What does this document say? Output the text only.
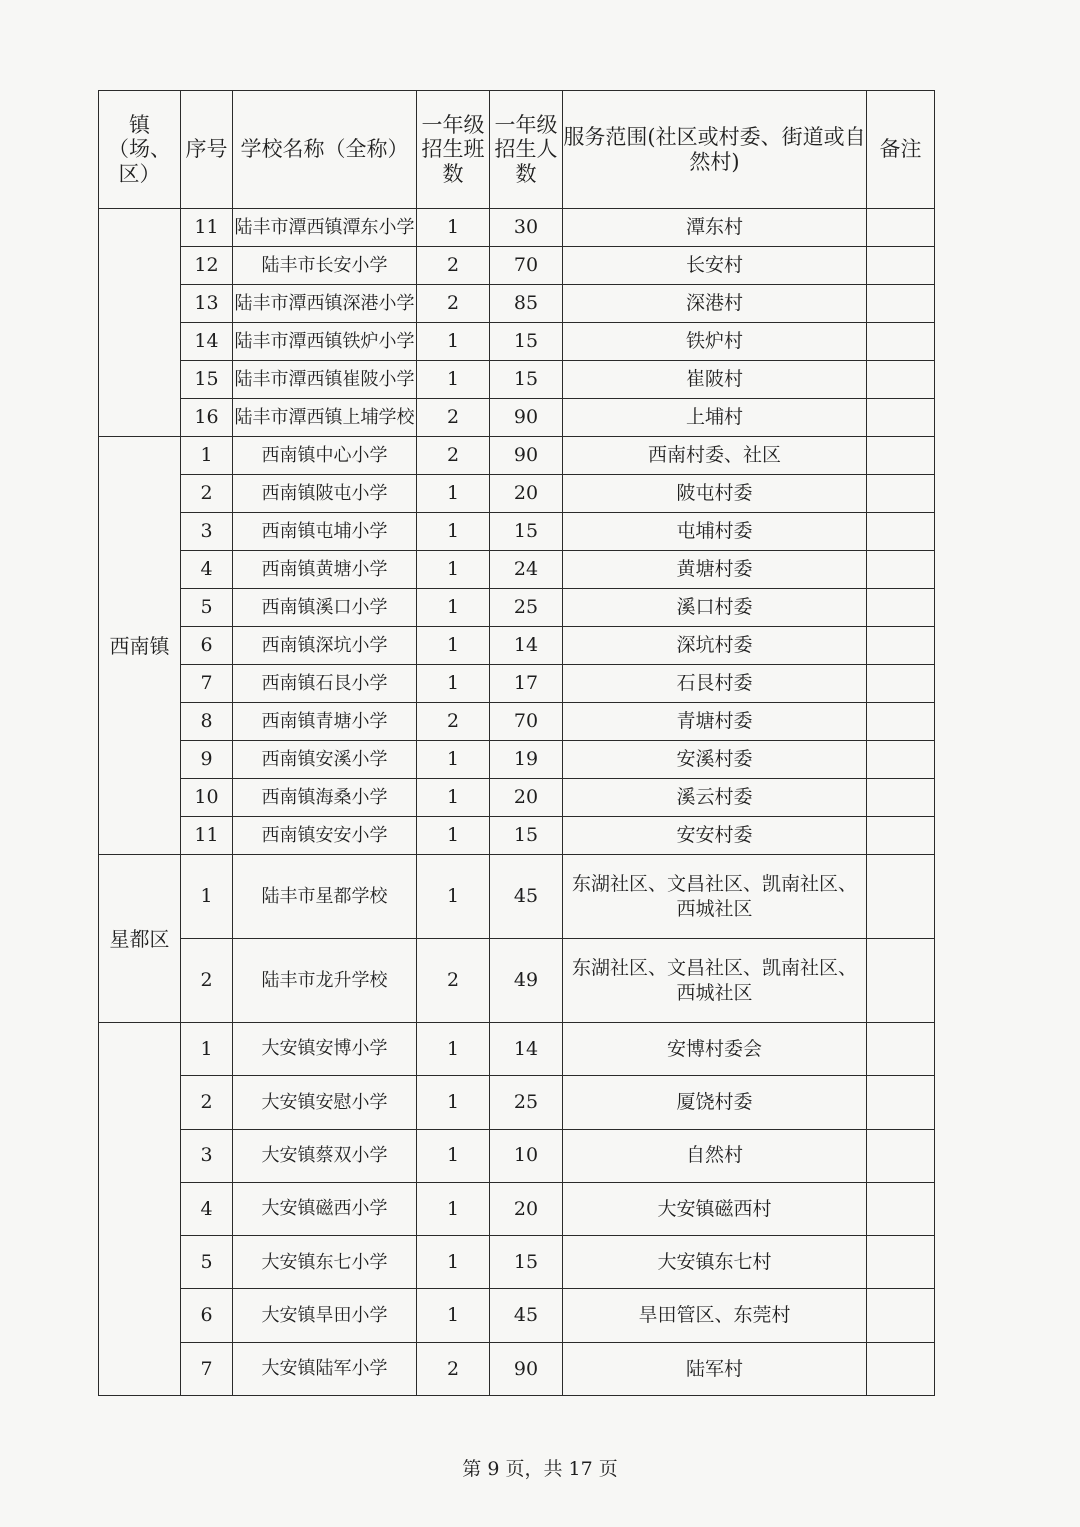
镇（场、区）	序号	学校名称（全称）	一年级招生班数	一年级招生人数	服务范围(社区或村委、街道或自然村)	备注
	11	陆丰市潭西镇潭东小学	1	30	潭东村	
	12	陆丰市长安小学	2	70	长安村	
	13	陆丰市潭西镇深港小学	2	85	深港村	
	14	陆丰市潭西镇铁炉小学	1	15	铁炉村	
	15	陆丰市潭西镇崔陂小学	1	15	崔陂村	
	16	陆丰市潭西镇上埔学校	2	90	上埔村	
西南镇	1	西南镇中心小学	2	90	西南村委、社区	
	2	西南镇陂屯小学	1	20	陂屯村委	
	3	西南镇屯埔小学	1	15	屯埔村委	
	4	西南镇黄塘小学	1	24	黄塘村委	
	5	西南镇溪口小学	1	25	溪口村委	
	6	西南镇深坑小学	1	14	深坑村委	
	7	西南镇石艮小学	1	17	石艮村委	
	8	西南镇青塘小学	2	70	青塘村委	
	9	西南镇安溪小学	1	19	安溪村委	
	10	西南镇海桑小学	1	20	溪云村委	
	11	西南镇安安小学	1	15	安安村委	
星都区	1	陆丰市星都学校	1	45	东湖社区、文昌社区、凯南社区、西城社区	
	2	陆丰市龙升学校	2	49	东湖社区、文昌社区、凯南社区、西城社区	
	1	大安镇安博小学	1	14	安博村委会	
	2	大安镇安慰小学	1	25	厦饶村委	
	3	大安镇蔡双小学	1	10	自然村	
	4	大安镇磁西小学	1	20	大安镇磁西村	
	5	大安镇东七小学	1	15	大安镇东七村	
	6	大安镇旱田小学	1	45	旱田管区、东莞村	
	7	大安镇陆军小学	2	90	陆军村	
第 9 页，共 17 页
